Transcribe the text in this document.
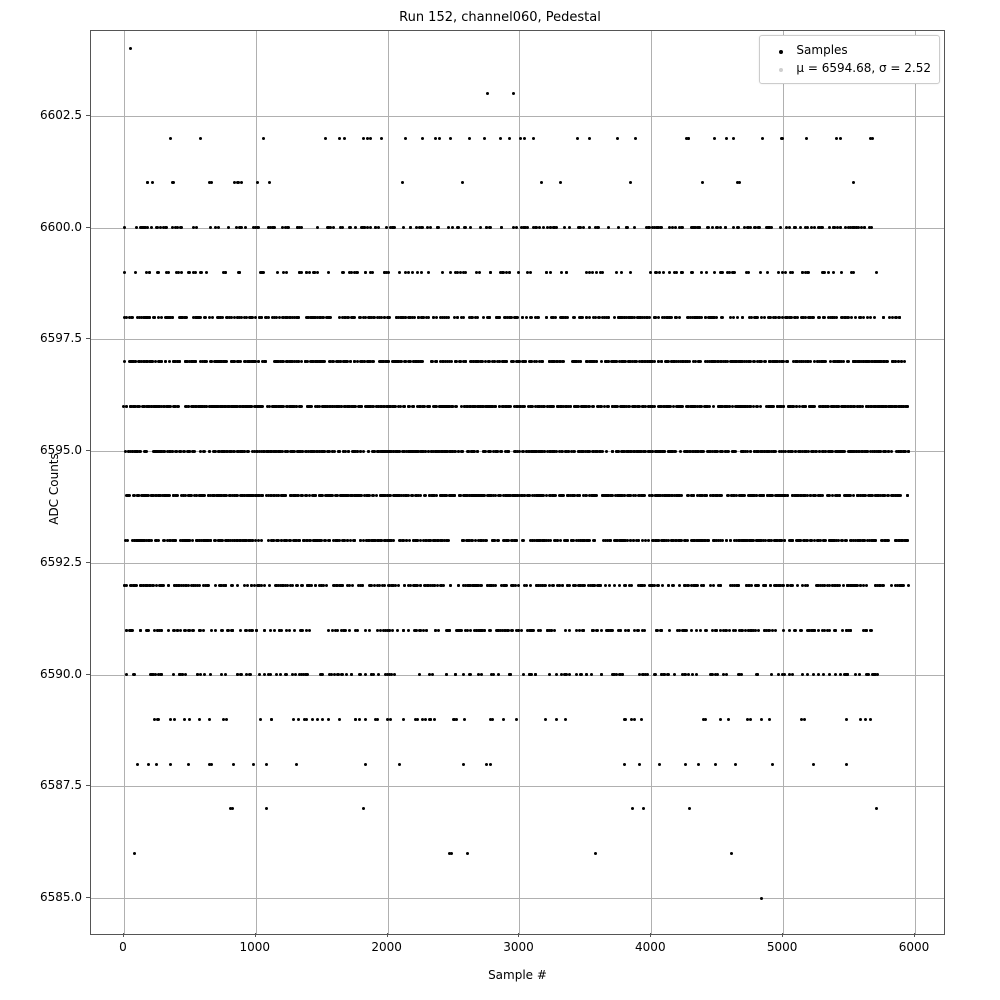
Run 152, channel060, Pedestal
Samples
μ = 6594.68, σ = 2.52
0	1000	2000	3000	4000	5000	6000
6585.0
6587.5
6590.0
6592.5
6595.0
6597.5
6600.0
6602.5
Sample #
ADC Counts
